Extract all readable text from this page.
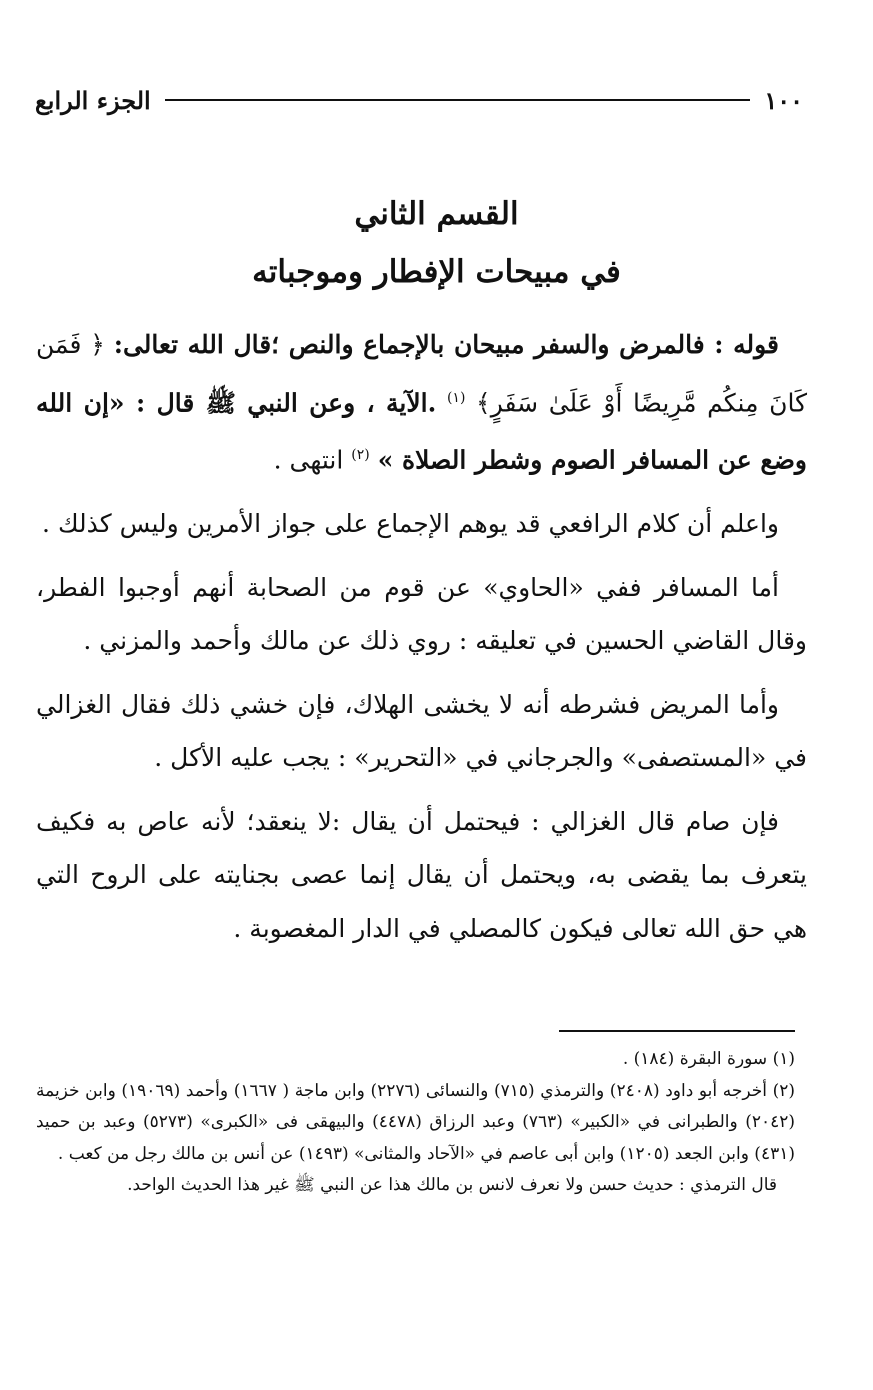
١٠٠
الجزء الرابع
القسم الثاني
في مبيحات الإفطار وموجباته

قوله : فالمرض والسفر مبيحان بالإجماع والنص ؛قال الله تعالى: ﴿ فَمَن كَانَ مِنكُم مَّرِيضًا أَوْ عَلَىٰ سَفَرٍ﴾ $^{(١)}$ .الآية ، وعن النبي ﷺ قال : «إن الله وضع عن المسافر الصوم وشطر الصلاة » $^{(٢)}$ انتهى .

واعلم أن كلام الرافعي قد يوهم الإجماع على جواز الأمرين وليس كذلك .

أما المسافر ففي «الحاوي» عن قوم من الصحابة أنهم أوجبوا الفطر، وقال القاضي الحسين في تعليقه : روي ذلك عن مالك وأحمد والمزني .

وأما المريض فشرطه أنه لا يخشى الهلاك، فإن خشي ذلك فقال الغزالي في «المستصفى» والجرجاني في «التحرير» : يجب عليه الأكل .

فإن صام قال الغزالي : فيحتمل أن يقال :لا ينعقد؛ لأنه عاص به فكيف يتعرف بما يقضى به، ويحتمل أن يقال إنما عصى بجنايته على الروح التي هي حق الله تعالى فيكون كالمصلي في الدار المغصوبة .

(١) سورة البقرة (١٨٤) .

(٢) أخرجه أبو داود (٢٤٠٨) والترمذي (٧١٥) والنسائى (٢٢٧٦) وابن ماجة ( ١٦٦٧) وأحمد (١٩٠٦٩) وابن خزيمة (٢٠٤٢) والطبرانى في «الكبير» (٧٦٣) وعبد الرزاق (٤٤٧٨) والبيهقى فى «الكبرى» (٥٢٧٣) وعبد بن حميد (٤٣١) وابن الجعد (١٢٠٥) وابن أبى عاصم في «الآحاد والمثانى» (١٤٩٣) عن أنس بن مالك رجل من كعب .

قال الترمذي : حديث حسن ولا نعرف لانس بن مالك هذا عن النبي ﷺ غير هذا الحديث الواحد.
